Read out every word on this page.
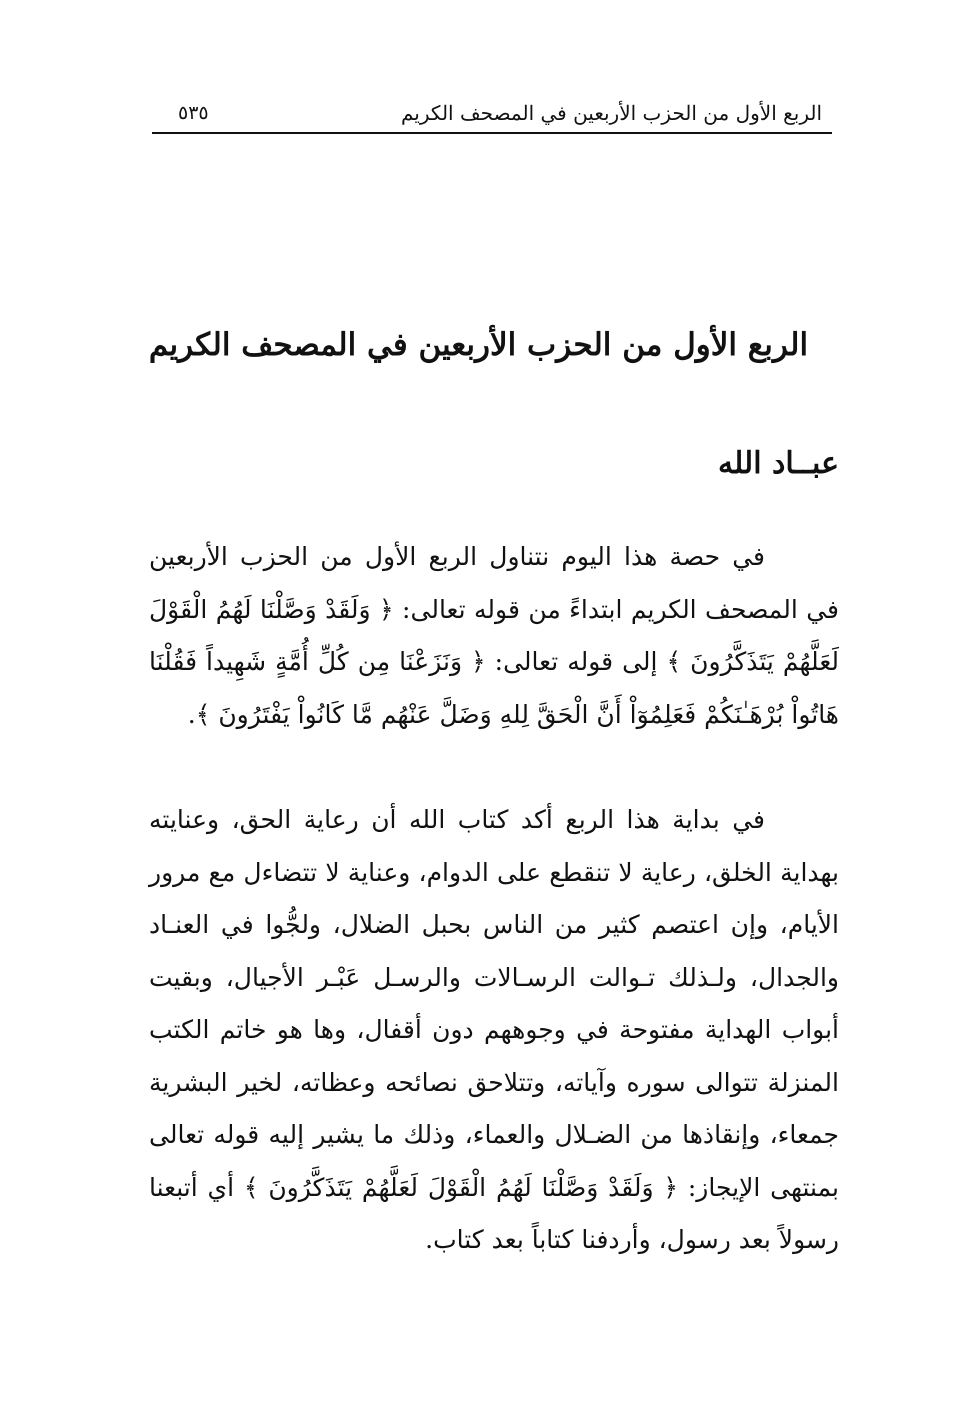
الربع الأول من الحزب الأربعين في المصحف الكريم
٥٣٥
الربع الأول من الحزب الأربعين في المصحف الكريم
عبــاد الله

في حصة هذا اليوم نتناول الربع الأول من الحزب الأربعين في المصحف الكريم ابتداءً من قوله تعالى: ﴿ وَلَقَدْ وَصَّلْنَا لَهُمُ الْقَوْلَ لَعَلَّهُمْ يَتَذَكَّرُونَ ﴾ إلى قوله تعالى: ﴿ وَنَزَعْنَا مِن كُلِّ أُمَّةٍ شَهِيداً فَقُلْنَا هَاتُواْ بُرْهَـٰنَكُمْ فَعَلِمُوٓاْ أَنَّ الْحَقَّ لِلهِ وَضَلَّ عَنْهُم مَّا كَانُواْ يَفْتَرُونَ ﴾.

في بداية هذا الربع أكد كتاب الله أن رعاية الحق، وعنايته بهداية الخلق، رعاية لا تنقطع على الدوام، وعناية لا تتضاءل مع مرور الأيام، وإن اعتصم كثير من الناس بحبل الضلال، ولجُّوا في العنـاد والجدال، ولـذلك تـوالت الرسـالات والرسـل عَبْـر الأجيال، وبقيت أبواب الهداية مفتوحة في وجوههم دون أقفال، وها هو خاتم الكتب المنزلة تتوالى سوره وآياته، وتتلاحق نصائحه وعظاته، لخير البشرية جمعاء، وإنقاذها من الضـلال والعماء، وذلك ما يشير إليه قوله تعالى بمنتهى الإيجاز: ﴿ وَلَقَدْ وَصَّلْنَا لَهُمُ الْقَوْلَ لَعَلَّهُمْ يَتَذَكَّرُونَ ﴾ أي أتبعنا رسولاً بعد رسول، وأردفنا كتاباً بعد كتاب.
